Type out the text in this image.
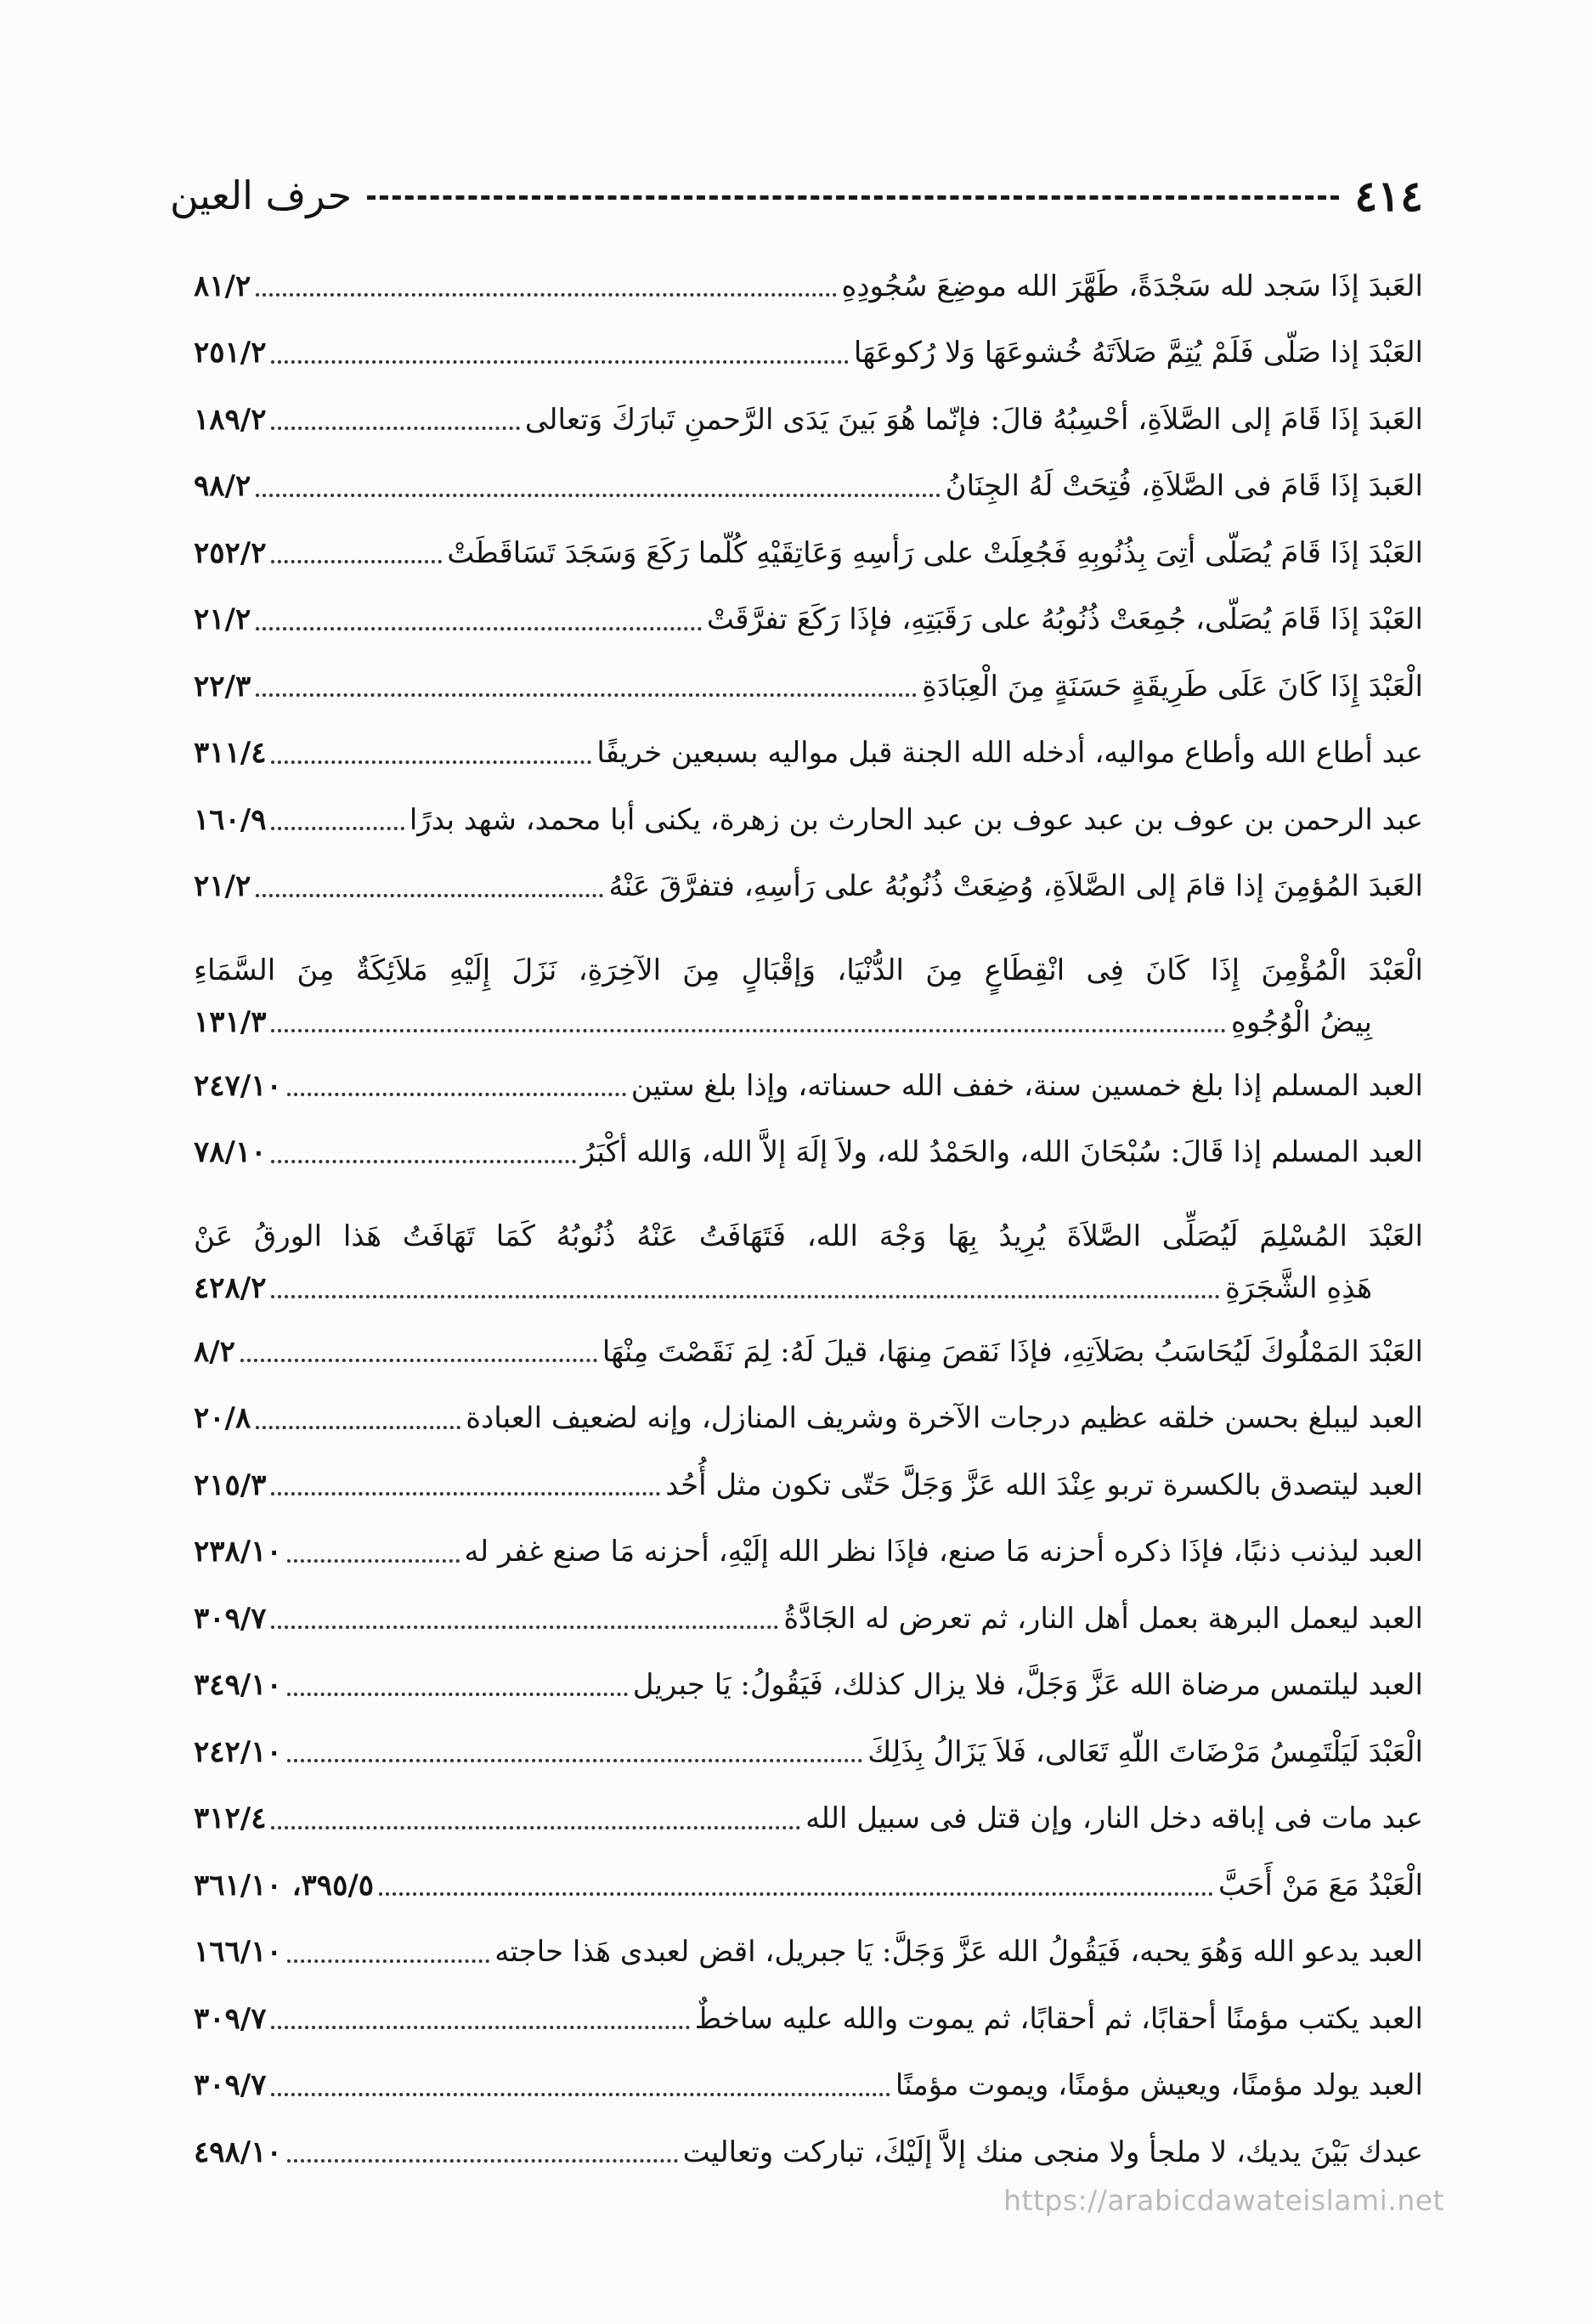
٤١٤
حرف العين
العَبدَ إذَا سَجد لله سَجْدَةً، طَهَّرَ الله موضِعَ سُجُودِهِ
٨١/٢
العَبْدَ إذا صَلّى فَلَمْ يُتِمَّ صَلاَتَهُ خُشوعَهَا وَلا رُكوعَهَا
٢٥١/٢
العَبدَ إذَا قَامَ إلى الصَّلاَةِ، أحْسِبُهُ قالَ: فإنّما هُوَ بَينَ يَدَى الرَّحمنِ تَبارَكَ وَتعالى
١٨٩/٢
العَبدَ إذَا قَامَ فى الصَّلاَةِ، فُتِحَتْ لَهُ الجِنَانُ
٩٨/٢
العَبْدَ إذَا قَامَ يُصَلّى أتِىَ بِذُنُوبِهِ فَجُعِلَتْ على رَأسِهِ وَعَاتِقَيْهِ كُلّما رَكَعَ وَسَجَدَ تَسَاقَطَتْ
٢٥٢/٢
العَبْدَ إذَا قَامَ يُصَلّى، جُمِعَتْ ذُنُوبُهُ على رَقَبَتِهِ، فإذَا رَكَعَ تفرَّقَتْ
٢١/٢
الْعَبْدَ إِذَا كَانَ عَلَى طَرِيقَةٍ حَسَنَةٍ مِنَ الْعِبَادَةِ
٢٢/٣
عبد أطاع الله وأطاع مواليه، أدخله الله الجنة قبل مواليه بسبعين خريفًا
٣١١/٤
عبد الرحمن بن عوف بن عبد عوف بن عبد الحارث بن زهرة، يكنى أبا محمد، شهد بدرًا
١٦٠/٩
العَبدَ المُؤمِنَ إذا قامَ إلى الصَّلاَةِ، وُضِعَتْ ذُنُوبُهُ على رَأسِهِ، فتفرَّقَ عَنْهُ
٢١/٢
الْعَبْدَ الْمُؤْمِنَ إِذَا كَانَ فِى انْقِطَاعٍ مِنَ الدُّنْيَا، وَإقْبَالٍ مِنَ الآخِرَةِ، نَزَلَ إِلَيْهِ مَلاَئِكَةٌ مِنَ السَّمَاءِ
بِيضُ الْوُجُوهِ
١٣١/٣
العبد المسلم إذا بلغ خمسين سنة، خفف الله حسناته، وإذا بلغ ستين
٢٤٧/١٠
العبد المسلم إذا قَالَ: سُبْحَانَ الله، والحَمْدُ لله، ولاَ إلَهَ إلاَّ الله، وَالله أكْبَرُ
٧٨/١٠
العَبْدَ المُسْلِمَ لَيُصَلِّى الصَّلاَةَ يُرِيدُ بِهَا وَجْهَ الله، فَتَهَافَتُ عَنْهُ ذُنُوبُهُ كَمَا تَهَافَتُ هَذا الورقُ عَنْ
هَذِهِ الشَّجَرَةِ
٤٢٨/٢
العَبْدَ المَمْلُوكَ لَيُحَاسَبُ بصَلاَتِهِ، فإذَا نَقصَ مِنهَا، قيلَ لَهُ: لِمَ نَقَصْتَ مِنْهَا
٨/٢
العبد ليبلغ بحسن خلقه عظيم درجات الآخرة وشريف المنازل، وإنه لضعيف العبادة
٢٠/٨
العبد ليتصدق بالكسرة تربو عِنْدَ الله عَزَّ وَجَلَّ حَتّى تكون مثل أُحُد
٢١٥/٣
العبد ليذنب ذنبًا، فإذَا ذكره أحزنه مَا صنع، فإذَا نظر الله إلَيْهِ، أحزنه مَا صنع غفر له
٢٣٨/١٠
العبد ليعمل البرهة بعمل أهل النار، ثم تعرض له الجَادَّةُ
٣٠٩/٧
العبد ليلتمس مرضاة الله عَزَّ وَجَلَّ، فلا يزال كذلك، فَيَقُولُ: يَا جبريل
٣٤٩/١٠
الْعَبْدَ لَيَلْتَمِسُ مَرْضَاتَ اللّهِ تَعَالى، فَلاَ يَزَالُ بِذَلِكَ
٢٤٢/١٠
عبد مات فى إباقه دخل النار، وإن قتل فى سبيل الله
٣١٢/٤
الْعَبْدُ مَعَ مَنْ أَحَبَّ
٣٩٥/٥، ٣٦١/١٠
العبد يدعو الله وَهُوَ يحبه، فَيَقُولُ الله عَزَّ وَجَلَّ: يَا جبريل، اقض لعبدى هَذا حاجته
١٦٦/١٠
العبد يكتب مؤمنًا أحقابًا، ثم أحقابًا، ثم يموت والله عليه ساخطٌ
٣٠٩/٧
العبد يولد مؤمنًا، ويعيش مؤمنًا، ويموت مؤمنًا
٣٠٩/٧
عبدك بَيْنَ يديك، لا ملجأ ولا منجى منك إلاَّ إلَيْكَ، تباركت وتعاليت
٤٩٨/١٠
https://arabicdawateislami.net
